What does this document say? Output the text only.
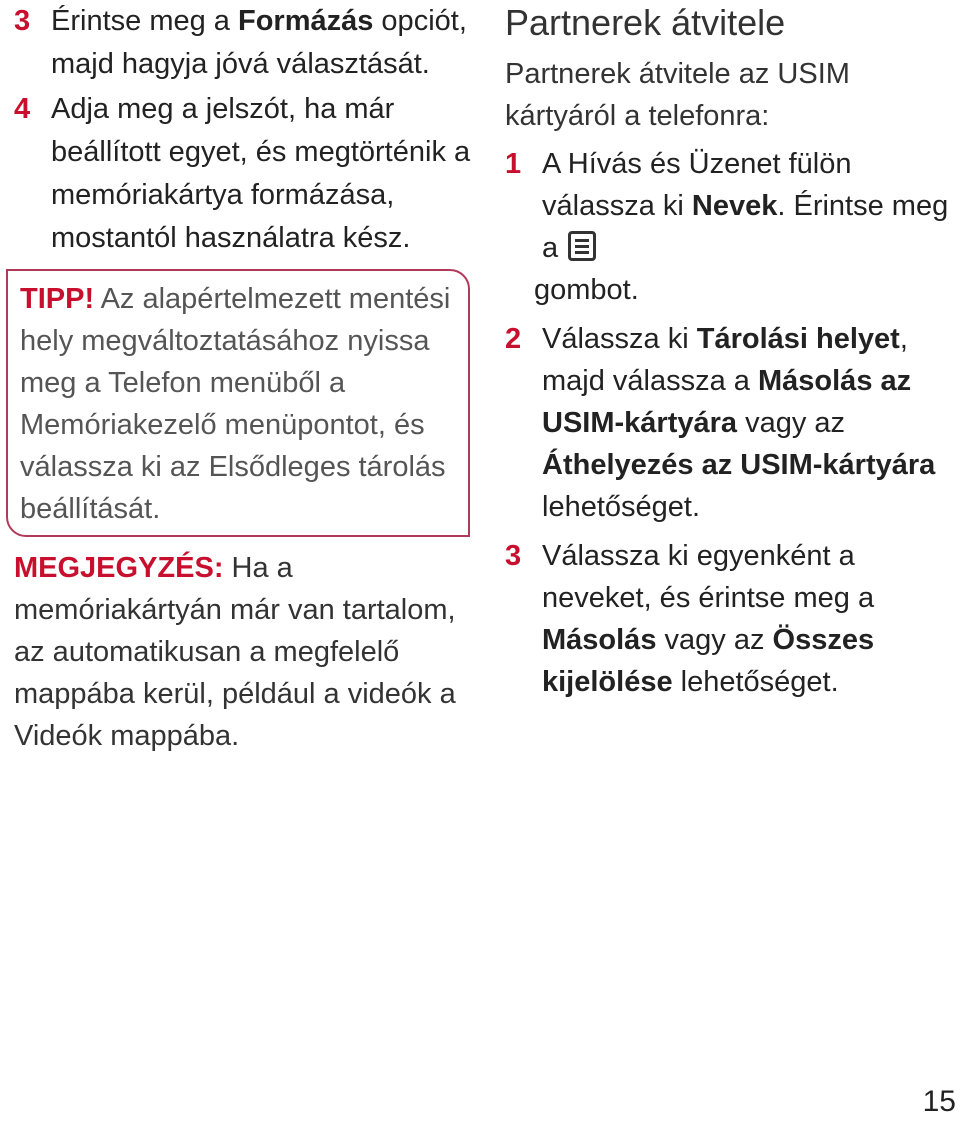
3 Érintse meg a Formázás opciót, majd hagyja jóvá választását.
4 Adja meg a jelszót, ha már beállított egyet, és megtörténik a memóriakártya formázása, mostantól használatra kész.
TIPP! Az alapértelmezett mentési hely megváltoztatásához nyissa meg a Telefon menüből a Memóriakezelő menüpontot, és válassza ki az Elsődleges tárolás beállítását.
MEGJEGYZÉS: Ha a memóriakártyán már van tartalom, az automatikusan a megfelelő mappába kerül, például a videók a Videók mappába.
Partnerek átvitele
Partnerek átvitele az USIM kártyáról a telefonra:
1 A Hívás és Üzenet fülön válassza ki Nevek. Érintse meg a

gombot.
2 Válassza ki Tárolási helyet, majd válassza a Másolás az USIM-kártyára vagy az Áthelyezés az USIM-kártyára lehetőséget.
3 Válassza ki egyenként a neveket, és érintse meg a Másolás vagy az Összes kijelölése lehetőséget.
15
